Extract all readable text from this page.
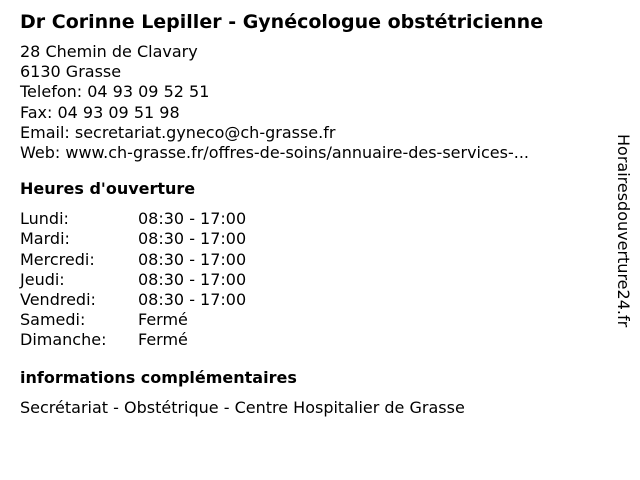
Dr Corinne Lepiller - Gynécologue obstétricienne
28 Chemin de Clavary
6130 Grasse
Telefon: 04 93 09 52 51
Fax: 04 93 09 51 98
Email: secretariat.gyneco@ch-grasse.fr
Web: www.ch-grasse.fr/offres-de-soins/annuaire-des-services-...
Heures d'ouverture
Lundi:	08:30 - 17:00
Mardi:	08:30 - 17:00
Mercredi:	08:30 - 17:00
Jeudi:	08:30 - 17:00
Vendredi:	08:30 - 17:00
Samedi:	Fermé
Dimanche:	Fermé
informations complémentaires
Secrétariat - Obstétrique - Centre Hospitalier de Grasse
Horairesdouverture24.fr
